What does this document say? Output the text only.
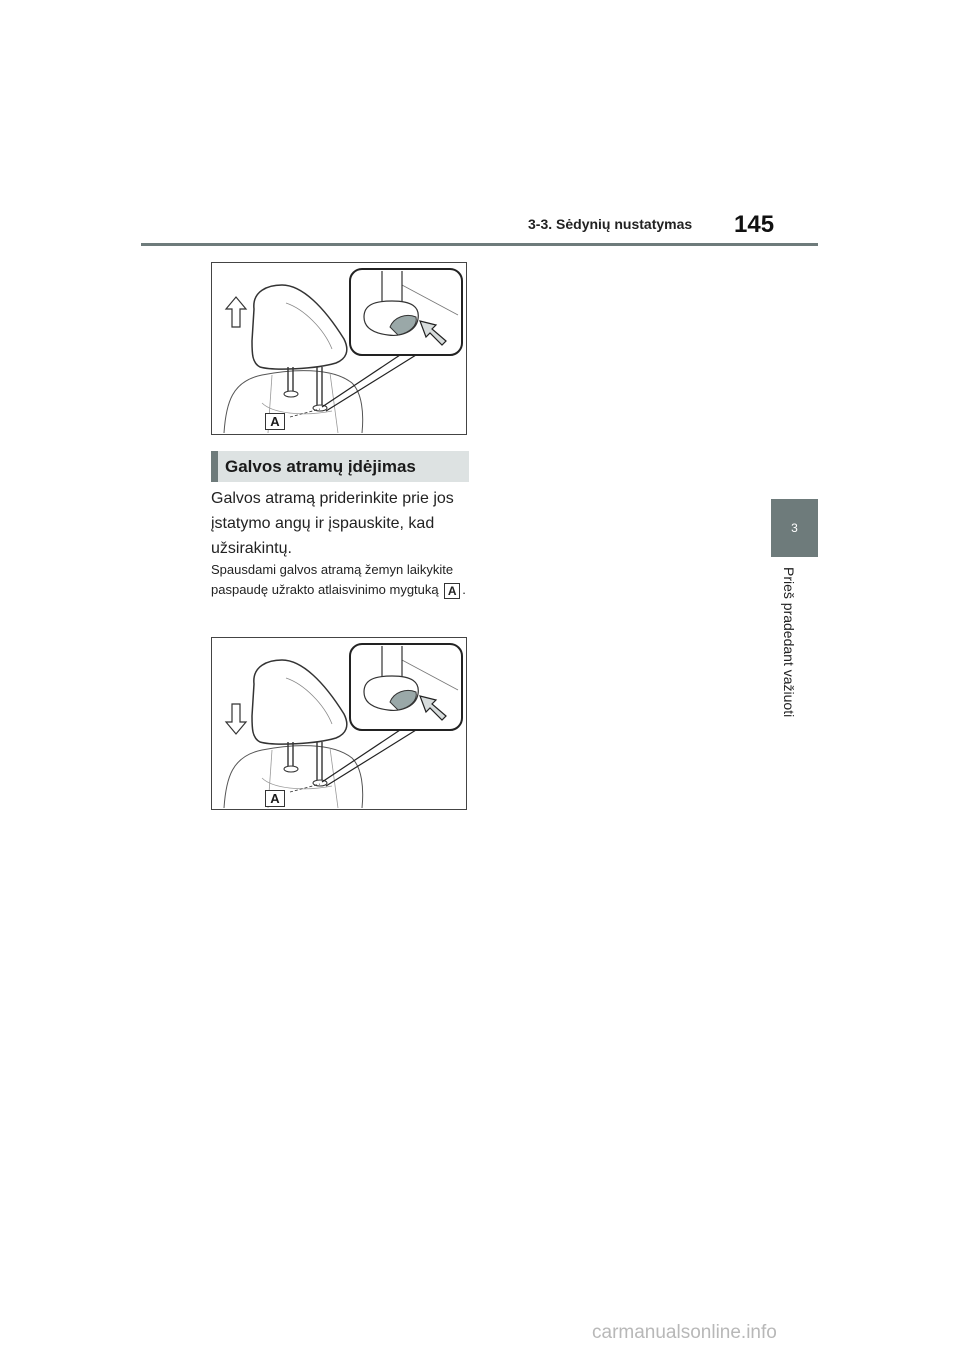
3-3. Sėdynių nustatymas 145
3
Prieš pradedant važiuoti
A
Galvos atramų įdėjimas
Galvos atramą priderinkite prie jos įstatymo angų ir įspauskite, kad užsirakintų.
Spausdami galvos atramą žemyn laikykite paspaudę užrakto atlaisvinimo mygtuką A .
A
carmanualsonline.info
